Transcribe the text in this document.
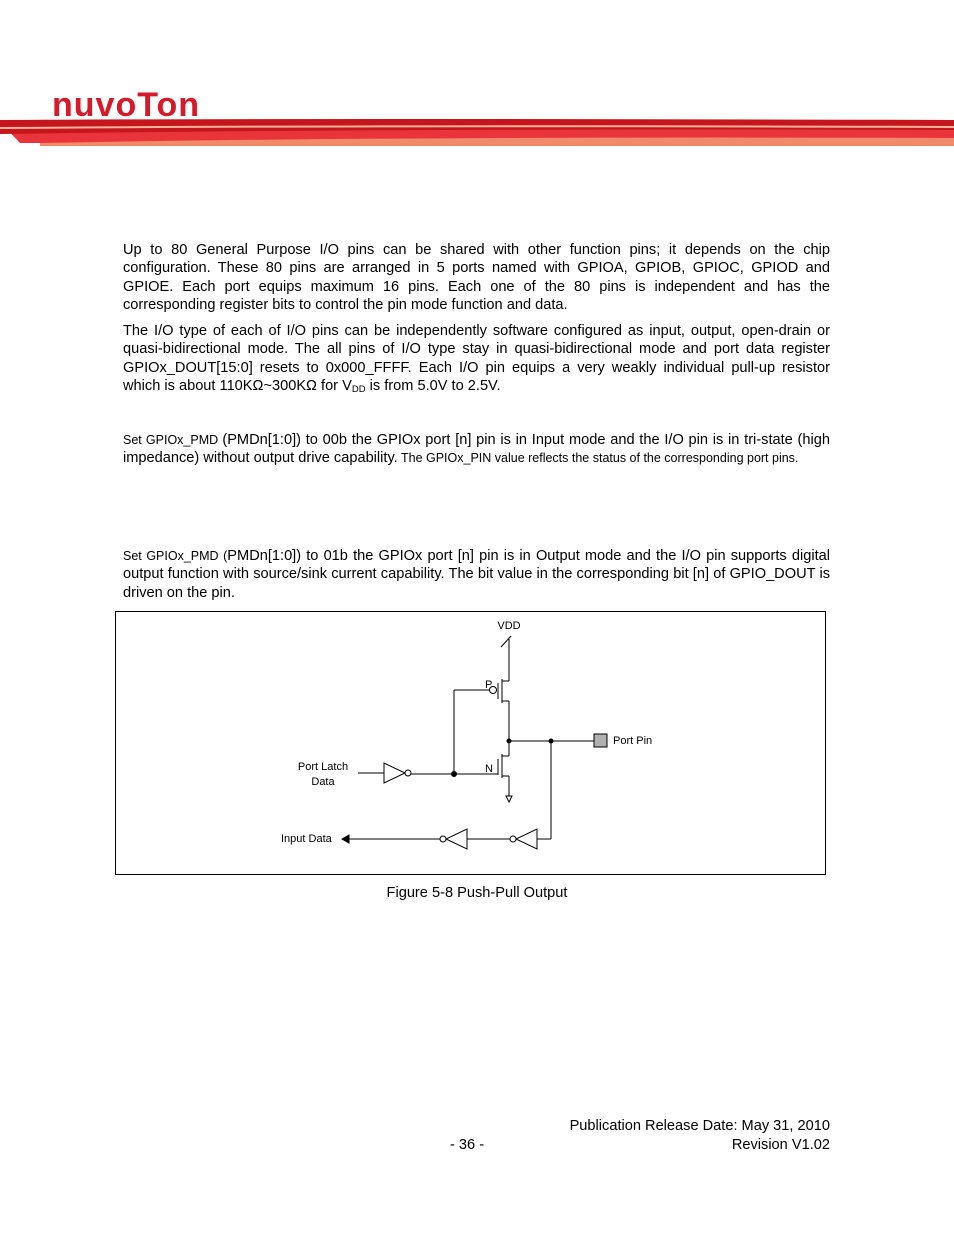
nuvoTon

Up to 80 General Purpose I/O pins can be shared with other function pins; it depends on the chip configuration. These 80 pins are arranged in 5 ports named with GPIOA, GPIOB, GPIOC, GPIOD and GPIOE. Each port equips maximum 16 pins. Each one of the 80 pins is independent and has the corresponding register bits to control the pin mode function and data.

The I/O type of each of I/O pins can be independently software configured as input, output, open-drain or quasi-bidirectional mode. The all pins of I/O type stay in quasi-bidirectional mode and port data register GPIOx_DOUT[15:0] resets to 0x000_FFFF. Each I/O pin equips a very weakly individual pull-up resistor which is about 110KΩ~300KΩ for $V_{DD}$ is from 5.0V to 2.5V.

Set GPIOx_PMD (PMDn[1:0]) to 00b the GPIOx port [n] pin is in Input mode and the I/O pin is in tri-state (high impedance) without output drive capability. The GPIOx_PIN value reflects the status of the corresponding port pins.

Set GPIOx_PMD (PMDn[1:0]) to 01b the GPIOx port [n] pin is in Output mode and the I/O pin supports digital output function with source/sink current capability. The bit value in the corresponding bit [n] of GPIO_DOUT is driven on the pin.

VDD
P
Port Pin
N
Port Latch
Data
Input Data
Figure 5-8 Push-Pull Output
Publication Release Date: May 31, 2010
- 36 -	Revision V1.02
